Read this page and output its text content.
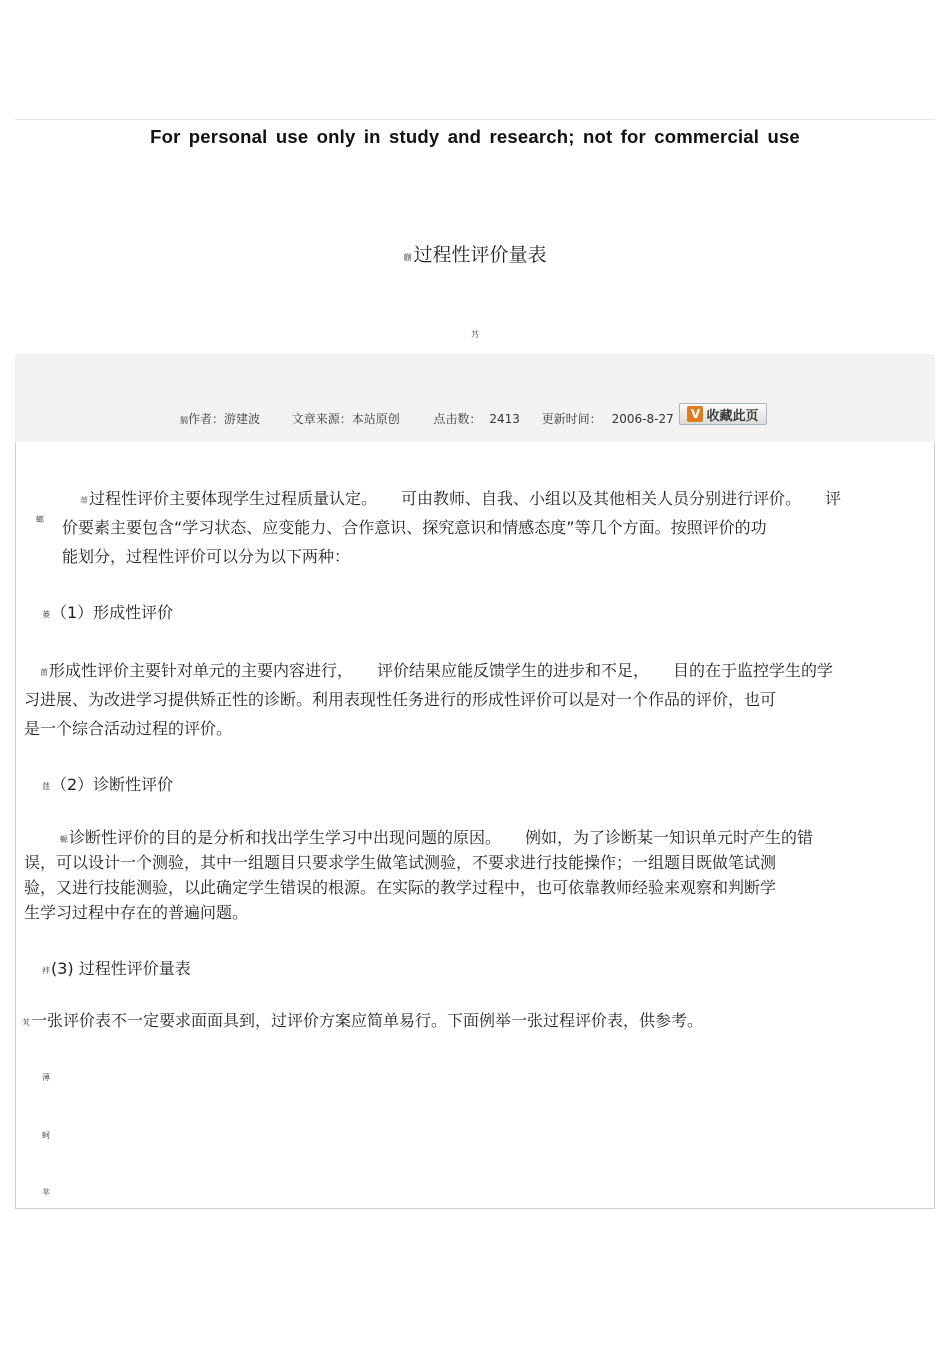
For personal use only in study and research; not for commercial use
蒯 过程性评价量表
艿
膈作者：游建波	文章来源：本站原创	点击数： 2413 更新时间： 2006-8-27 V 收藏此页
蒂过程性评价主要体现学生过程质量认定。　　可由教师、自我、小组以及其他相关人员分别进行评价。　　评
螂 价要素主要包含“学习状态、应变能力、合作意识、探究意识和情感态度”等几个方面。按照评价的功
能划分，过程性评价可以分为以下两种：
蒌（1）形成性评价
莆形成性评价主要针对单元的主要内容进行，　　评价结果应能反馈学生的进步和不足，　　目的在于监控学生的学
习进展、为改进学习提供矫正性的诊断。利用表现性任务进行的形成性评价可以是对一个作品的评价，也可
是一个综合活动过程的评价。
莛（2）诊断性评价
螈诊断性评价的目的是分析和找出学生学习中出现问题的原因。　　例如，为了诊断某一知识单元时产生的错
误，可以设计一个测验，其中一组题目只要求学生做笔试测验，不要求进行技能操作；一组题目既做笔试测
验，又进行技能测验，以此确定学生错误的根源。在实际的教学过程中，也可依靠教师经验来观察和判断学
生学习过程中存在的普遍问题。
袢(3) 过程性评价量表
芄一张评价表不一定要求面面具到，过评价方案应简单易行。下面例举一张过程评价表，供参考。
薄
蚵
芈
